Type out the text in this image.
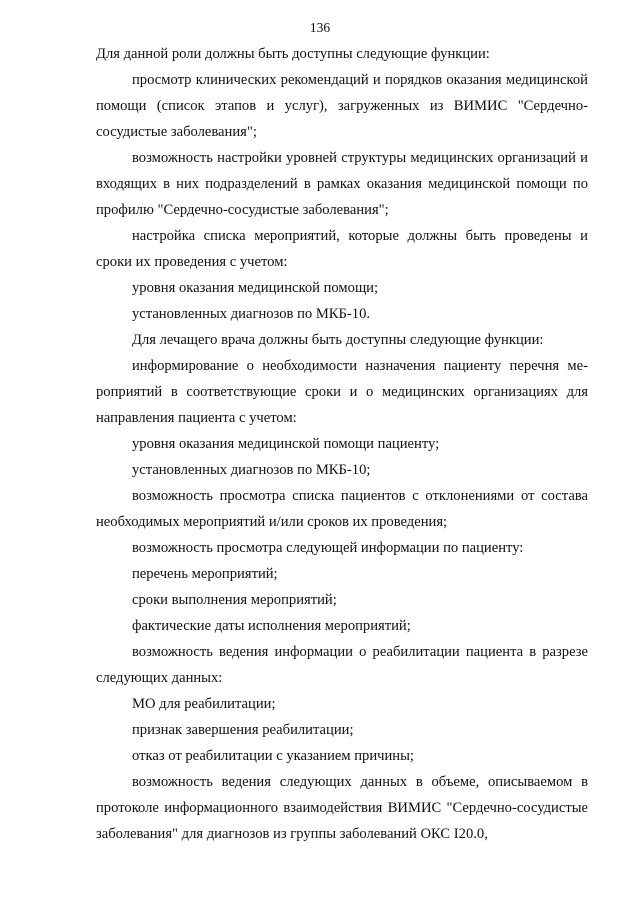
136

Для данной роли должны быть доступны следующие функции:

просмотр клинических рекомендаций и порядков оказания медицинской помощи (список этапов и услуг), загруженных из ВИМИС "Сердечно-сосудистые заболевания";

возможность настройки уровней структуры медицинских организаций и входящих в них подразделений в рамках оказания медицинской помощи по профилю "Сердечно-сосудистые заболевания";

настройка списка мероприятий, которые должны быть проведены и сроки их проведения с учетом:

уровня оказания медицинской помощи;

установленных диагнозов по МКБ-10.

Для лечащего врача должны быть доступны следующие функции:

информирование о необходимости назначения пациенту перечня мероприятий в соответствующие сроки и о медицинских организациях для направления пациента с учетом:

уровня оказания медицинской помощи пациенту;

установленных диагнозов по МКБ-10;

возможность просмотра списка пациентов с отклонениями от состава необходимых мероприятий и/или сроков их проведения;

возможность просмотра следующей информации по пациенту:

перечень мероприятий;

сроки выполнения мероприятий;

фактические даты исполнения мероприятий;

возможность ведения информации о реабилитации пациента в разрезе следующих данных:

МО для реабилитации;

признак завершения реабилитации;

отказ от реабилитации с указанием причины;

возможность ведения следующих данных в объеме, описываемом в протоколе информационного взаимодействия ВИМИС "Сердечно-сосудистые заболевания" для диагнозов из группы заболеваний ОКС I20.0,
